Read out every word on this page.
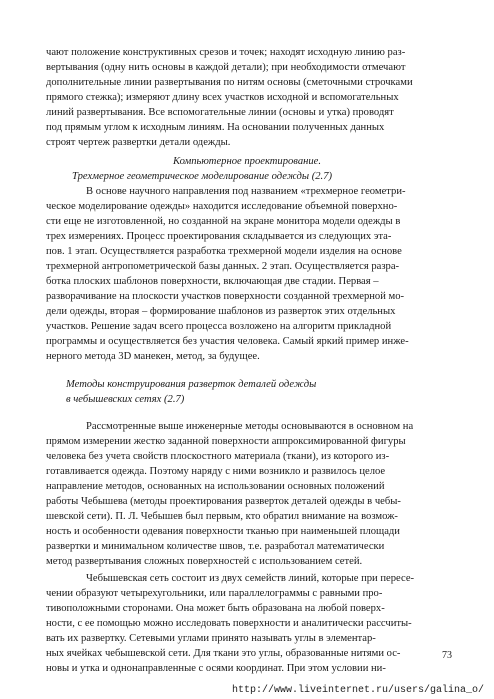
чают положение конструктивных срезов и точек; находят исходную линию раз-
вертывания (одну нить основы в каждой детали); при необходимости отмечают
дополнительные линии развертывания по нитям основы (сметочными строчками
прямого стежка); измеряют длину всех участков исходной и вспомогательных
линий развертывания. Все вспомогательные линии (основы и утка) проводят
под прямым углом к исходным линиям. На основании полученных данных
строят чертеж развертки детали одежды.
Компьютерное проектирование.
Трехмерное геометрическое моделирование одежды (2.7)
В основе научного направления под названием «трехмерное геометри-
ческое моделирование одежды» находится исследование объемной поверхно-
сти еще не изготовленной, но созданной на экране монитора модели одежды в
трех измерениях. Процесс проектирования складывается из следующих эта-
пов. 1 этап. Осуществляется разработка трехмерной модели изделия на основе
трехмерной антропометрической базы данных. 2 этап. Осуществляется разра-
ботка плоских шаблонов поверхности, включающая две стадии. Первая –
разворачивание на плоскости участков поверхности созданной трехмерной мо-
дели одежды, вторая – формирование шаблонов из разверток этих отдельных
участков. Решение задач всего процесса возложено на алгоритм прикладной
программы и осуществляется без участия человека. Самый яркий пример инже-
нерного метода 3D манекен, метод, за будущее.
Методы конструирования разверток деталей одежды
в чебышевских сетях (2.7)
Рассмотренные выше инженерные методы основываются в основном на
прямом измерении жестко заданной поверхности аппроксимированной фигуры
человека без учета свойств плоскостного материала (ткани), из которого из-
готавливается одежда. Поэтому наряду с ними возникло и развилось целое
направление методов, основанных на использовании основных положений
работы Чебышева (методы проектирования разверток деталей одежды в чебы-
шевской сети). П. Л. Чебышев был первым, кто обратил внимание на возмож-
ность и особенности одевания поверхности тканью при наименьшей площади
развертки и минимальном количестве швов, т.е. разработал математически
метод развертывания сложных поверхностей с использованием сетей.
Чебышевская сеть состоит из двух семейств линий, которые при пересе-
чении образуют четырехугольники, или параллелограммы с равными про-
тивоположными сторонами. Она может быть образована на любой поверх-
ности, с ее помощью можно исследовать поверхности и аналитически рассчиты-
вать их развертку. Сетевыми углами принято называть углы в элементар-
ных ячейках чебышевской сети. Для ткани это углы, образованные нитями ос-
новы и утка и однонаправленные с осями координат. При этом условии ни-
73
http://www.liveinternet.ru/users/galina_o/
